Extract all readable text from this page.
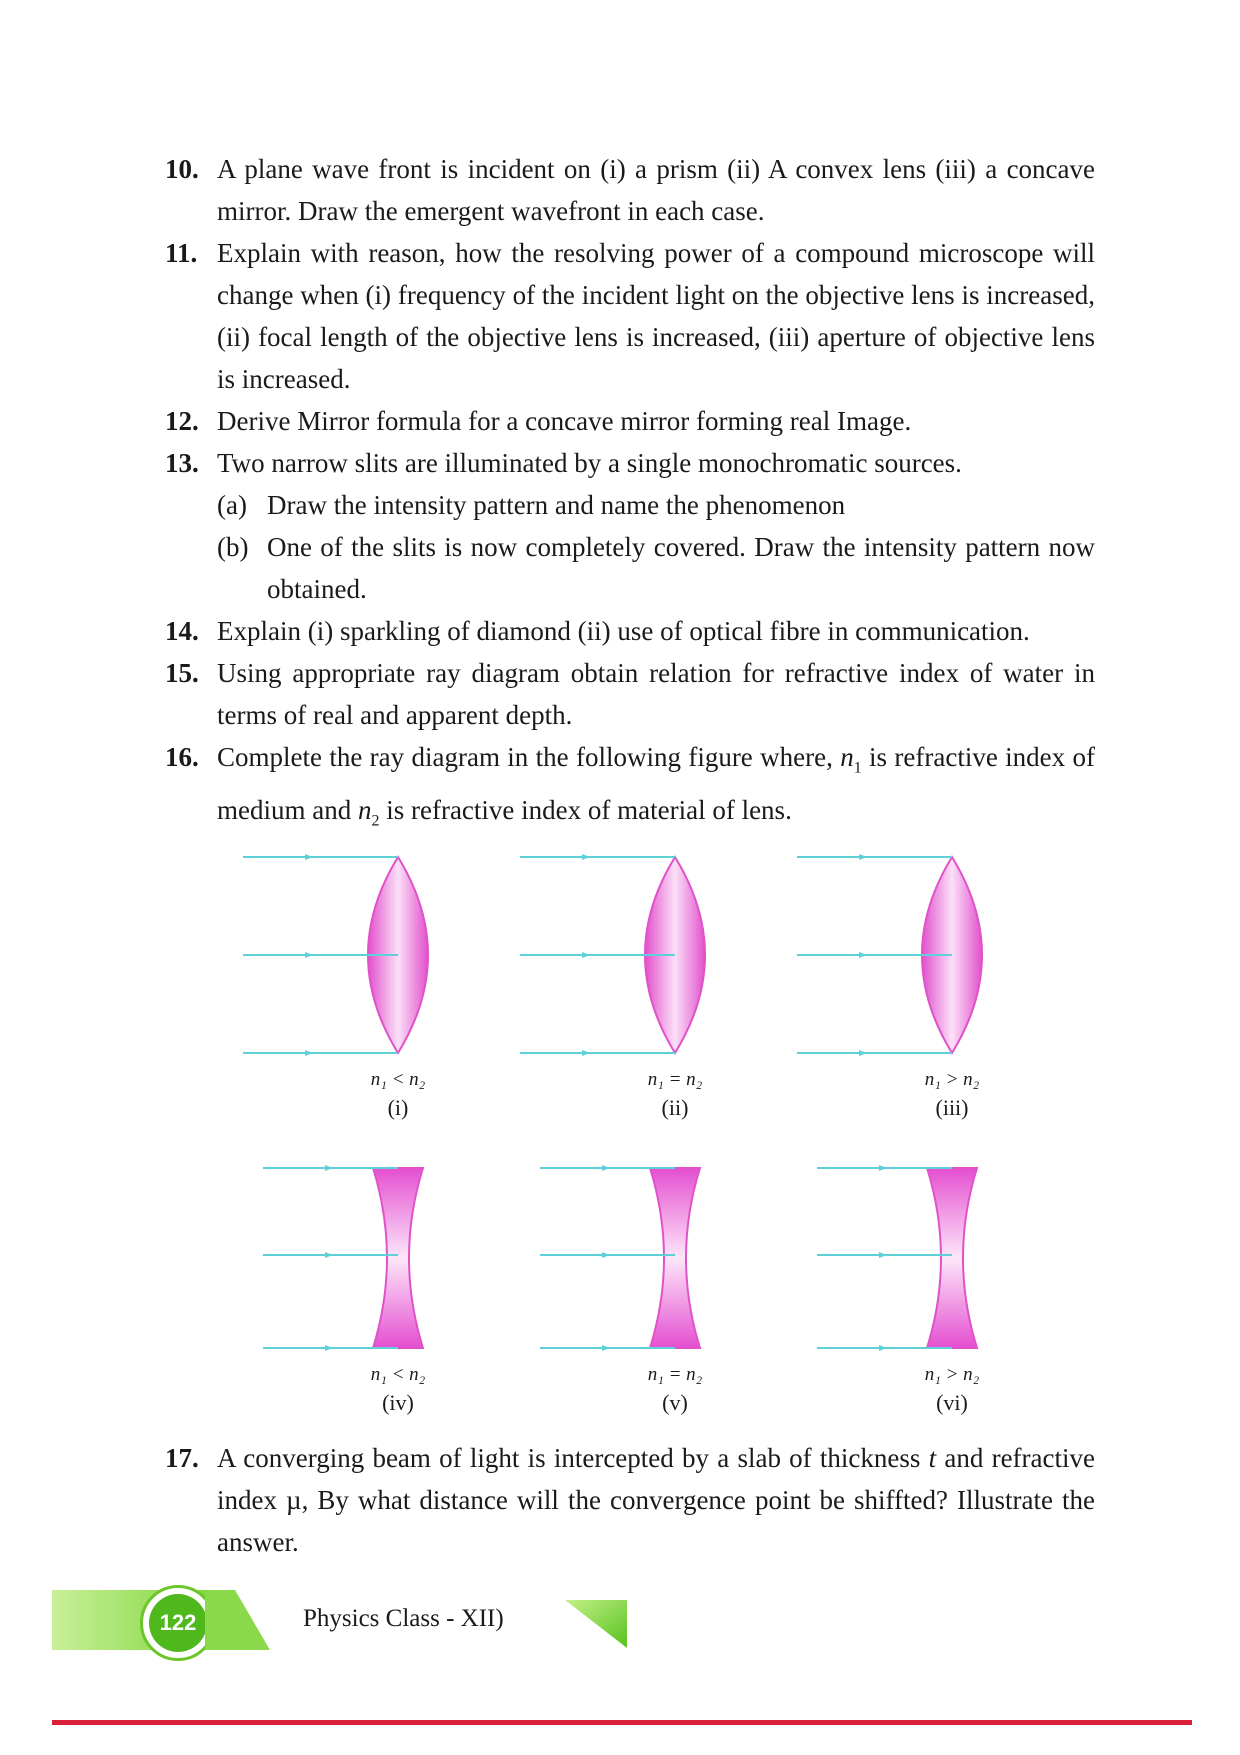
10. A plane wave front is incident on (i) a prism (ii) A convex lens (iii) a concave mirror. Draw the emergent wavefront in each case.
11. Explain with reason, how the resolving power of a compound microscope will change when (i) frequency of the incident light on the objective lens is increased, (ii) focal length of the objective lens is increased, (iii) aperture of objective lens is increased.
12. Derive Mirror formula for a concave mirror forming real Image.
13. Two narrow slits are illuminated by a single monochromatic sources.
(a) Draw the intensity pattern and name the phenomenon
(b) One of the slits is now completely covered. Draw the intensity pattern now obtained.
14. Explain (i) sparkling of diamond (ii) use of optical fibre in communication.
15. Using appropriate ray diagram obtain relation for refractive index of water in terms of real and apparent depth.
16. Complete the ray diagram in the following figure where, $n_1$ is refractive index of medium and $n_2$ is refractive index of material of lens.
n₁ < n₂
(i)
n₁ = n₂
(ii)
n₁ > n₂
(iii)
n₁ < n₂
(iv)
n₁ = n₂
(v)
n₁ > n₂
(vi)
17. A converging beam of light is intercepted by a slab of thickness t and refractive index µ, By what distance will the convergence point be shiffted? Illustrate the answer.
122	Physics Class - XII)
